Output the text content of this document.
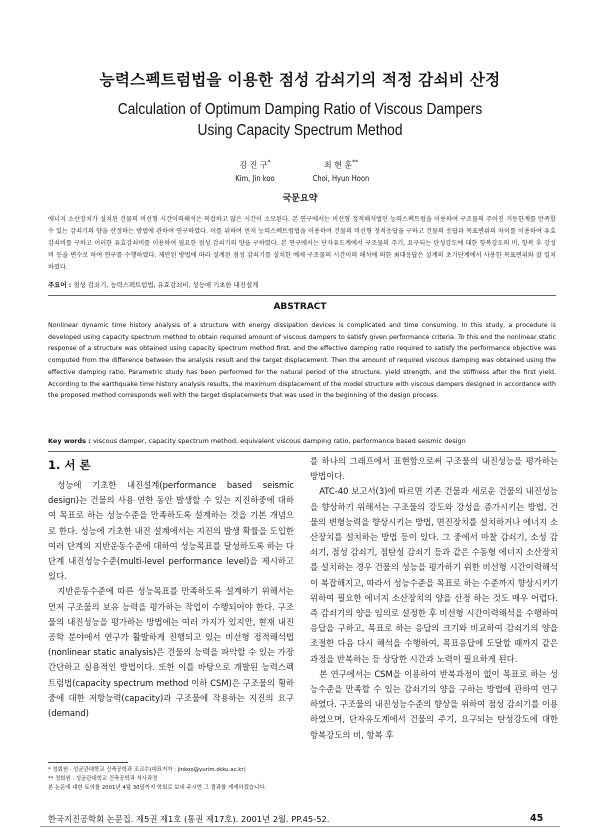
능력스펙트럼법을 이용한 점성 감쇠기의 적정 감쇠비 산정
Calculation of Optimum Damping Ratio of Viscous Dampers
Using Capacity Spectrum Method
김 진 구*
Kim, Jin koo
최 현 훈**
Choi, Hyun Hoon
국문요약
에너지 소산장치가 설치된 건물의 비선형 시간이력해석은 복잡하고 많은 시간이 소모된다. 본 연구에서는 비선형 정적해석법인 능력스펙트럼을 이용하여 구조물의 주어진 거동한계를 만족할 수 있는 감쇠기의 양을 산정하는 방법에 관하여 연구하였다. 이를 위하여 먼저 능력스펙트럼법을 이용하여 건물의 비선형 정적응답을 구하고 건물의 응답과 목표변위의 차이를 이용하여 유효감쇠비를 구하고 이러한 유효감쇠비를 이용하여 필요한 점성 감쇠기의 양을 구하였다. 본 연구에서는 단자유도계에서 구조물의 주기, 요구되는 탄성강도에 대한 항복강도의 비, 항복 후 강성비 등을 변수로 하여 연구를 수행하였다. 제안된 방법에 따라 설계된 점성 감쇠기를 설치한 예제 구조물의 시간이력 해석에 의한 최대응답은 설계의 초기단계에서 사용한 목표변위와 잘 일치하였다.
주요어 : 점성 감쇠기, 능력스펙트럼법, 유효감쇠비, 성능에 기초한 내진설계
ABSTRACT
Nonlinear dynamic time history analysis of a structure with energy dissipation devices is complicated and time consuming. In this study, a procedure is developed using capacity spectrum method to obtain required amount of viscous dampers to satisfy given performance criteria. To this end the nonlinear static response of a structure was obtained using capacity spectrum method first, and the effective damping ratio required to satisfy the performance objective was computed from the difference between the analysis result and the target displacement. Then the amount of required viscous damping was obtained using the effective damping ratio. Parametric study has been performed for the natural period of the structure, yield strength, and the stiffness after the first yield. According to the earthquake time history analysis results, the maximum displacement of the model structure with viscous dampers designed in accordance with the proposed method corresponds well with the target displacements that was used in the beginning of the design process.
Key words : viscous damper, capacity spectrum method, equivalent viscous damping ratio, performance based seismic design
1. 서 론

성능에 기초한 내진설계(performance based seismic design)는 건물의 사용 연한 동안 발생할 수 있는 지진하중에 대하여 목표로 하는 성능수준을 만족하도록 설계하는 것을 기본 개념으로 한다. 성능에 기초한 내진 설계에서는 지진의 발생 확률을 도입한 여러 단계의 지반운동수준에 대하여 성능목표를 달성하도록 하는 다단계 내진성능수준(multi-level performance level)을 제시하고 있다.

지반운동수준에 따른 성능목표를 만족하도록 설계하기 위해서는 먼저 구조물의 보유 능력을 평가하는 작업이 수행되어야 한다. 구조물의 내진성능을 평가하는 방법에는 여러 가지가 있지만, 현재 내진공학 분야에서 연구가 활발하게 진행되고 있는 비선형 정적해석법(nonlinear static analysis)은 건물의 능력을 파악할 수 있는 가장 간단하고 실용적인 방법이다. 또한 이를 바탕으로 개발된 능력스펙트럼법(capacity spectrum method 이하 CSM)은 구조물의 횡하중에 대한 저항능력(capacity)과 구조물에 작용하는 지진의 요구(demand)

를 하나의 그래프에서 표현함으로써 구조물의 내진성능을 평가하는 방법이다.

ATC-40 보고서(3)에 따르면 기존 건물과 새로운 건물의 내진성능을 향상하기 위해서는 구조물의 강도와 강성을 증가시키는 방법, 건물의 변형능력을 향상시키는 방법, 면진장치를 설치하거나 에너지 소산장치를 설치하는 방법 등이 있다. 그 중에서 마찰 감쇠기, 소성 감쇠기, 점성 감쇠기, 점탄성 감쇠기 등과 같은 수동형 에너지 소산장치를 설치하는 경우 건물의 성능을 평가하기 위한 비선형 시간이력해석이 복잡해지고, 따라서 성능수준을 목표로 하는 수준까지 향상시키기 위하여 필요한 에너지 소산장치의 양을 산정 하는 것도 매우 어렵다. 즉 감쇠기의 양을 임의로 설정한 후 비선형 시간이력해석을 수행하여 응답을 구하고, 목표로 하는 응답의 크기와 비교하여 감쇠기의 양을 조절한 다음 다시 해석을 수행하여, 목표응답에 도달할 때까지 같은 과정을 반복하는 등 상당한 시간과 노력이 필요하게 된다.

본 연구에서는 CSM을 이용하여 반복과정이 없이 목표로 하는 성능수준을 만족할 수 있는 감쇠기의 양을 구하는 방법에 관하여 연구하였다. 구조물의 내진성능수준의 향상을 위하여 점성 감쇠기를 이용하였으며, 단자유도계에서 건물의 주기, 요구되는 탄성강도에 대한 항복강도의 비, 항복 후

* 정회원 · 성균관대학교 건축공학과 조교수(대표저자 : jinkoo@yurim.skku.ac.kr)
** 정회원 · 성균관대학교 건축공학과 석사과정
본 논문에 대한 토의를 2001년 4월 30일까지 학회로 보내 주시면 그 결과를 게재하겠습니다.
한국지진공학회 논문집. 제5권 제1호 (통권 제17호). 2001년 2월. PP.45-52.	45
